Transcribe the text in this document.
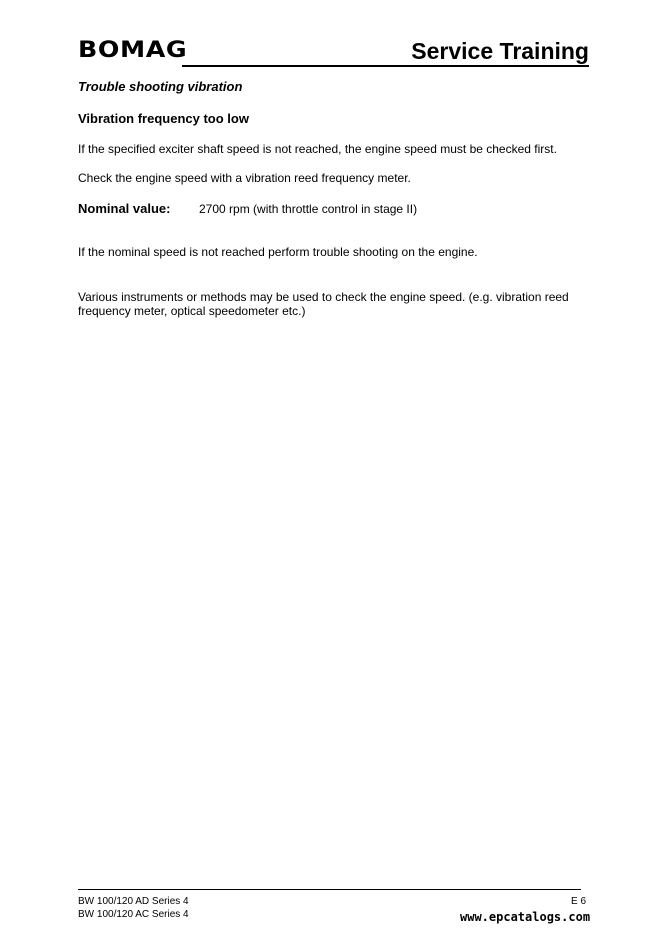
BOMAG	Service Training
Trouble shooting vibration
Vibration frequency too low
If the specified exciter shaft speed is not reached, the engine speed must be checked first.
Check the engine speed with a vibration reed frequency meter.
Nominal value: 2700 rpm (with throttle control in stage II)
If the nominal speed is not reached perform trouble shooting on the engine.
Various instruments or methods may be used to check the engine speed. (e.g. vibration reed frequency meter, optical speedometer etc.)
BW 100/120 AD Series 4
BW 100/120 AC Series 4
E 6
www.epcatalogs.com
